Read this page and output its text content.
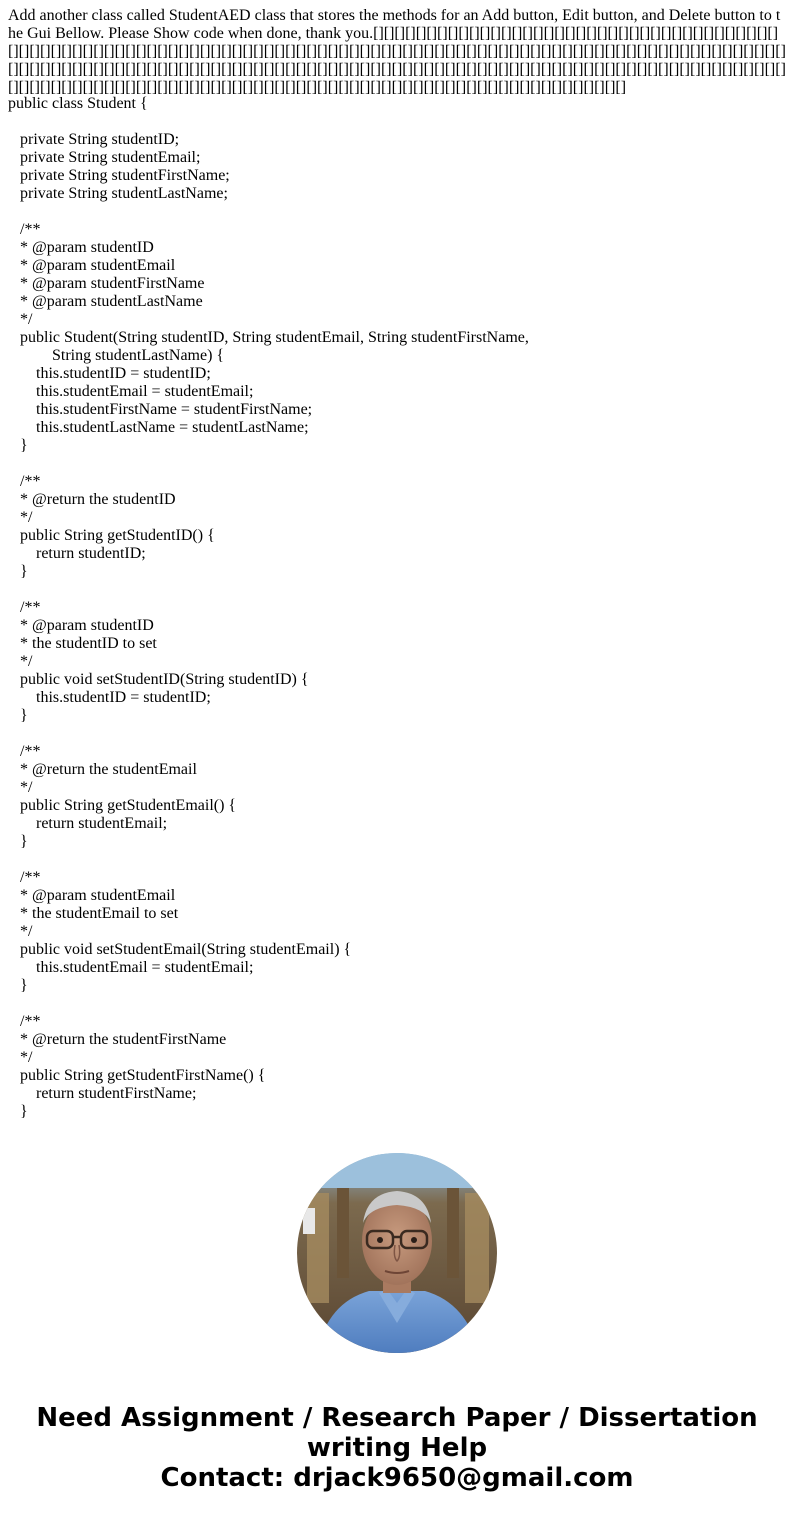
Add another class called StudentAED class that stores the methods for an Add button, Edit button, and Delete button to the Gui Bellow. Please Show code when done, thank you.[][][][][][][][][][][][][][][][][][][][][][][][][][][][][][][][][][][][][][][][][][][][][][][][][][][][][][][][][][][][][][][][][][][][][][][][][][][][][][][][][][][][][][][][][][][][][][][][][][][][][][][][][][][][][][][][][][][][][][][][][][][][][][][][][][][][][][][][][][][][][][][][][][][][][][][][][][][][][][][][][][][][][][][][][][][][][][][][][][][][][][][][][][][][][][][][][][][][][][][][][][][][][][][][][][][][][][][][][][][][][][][][][][][][][][][][][][][][][][][][][][]
public class Student {

private String studentID;
private String studentEmail;
private String studentFirstName;
private String studentLastName;

/**
* @param studentID
* @param studentEmail
* @param studentFirstName
* @param studentLastName
*/
public Student(String studentID, String studentEmail, String studentFirstName,
String studentLastName) {
this.studentID = studentID;
this.studentEmail = studentEmail;
this.studentFirstName = studentFirstName;
this.studentLastName = studentLastName;
}

/**
* @return the studentID
*/
public String getStudentID() {
return studentID;
}

/**
* @param studentID
* the studentID to set
*/
public void setStudentID(String studentID) {
this.studentID = studentID;
}

/**
* @return the studentEmail
*/
public String getStudentEmail() {
return studentEmail;
}

/**
* @param studentEmail
* the studentEmail to set
*/
public void setStudentEmail(String studentEmail) {
this.studentEmail = studentEmail;
}

/**
* @return the studentFirstName
*/
public String getStudentFirstName() {
return studentFirstName;
}
Need Assignment / Research Paper / Dissertation
writing Help
Contact: drjack9650@gmail.com
